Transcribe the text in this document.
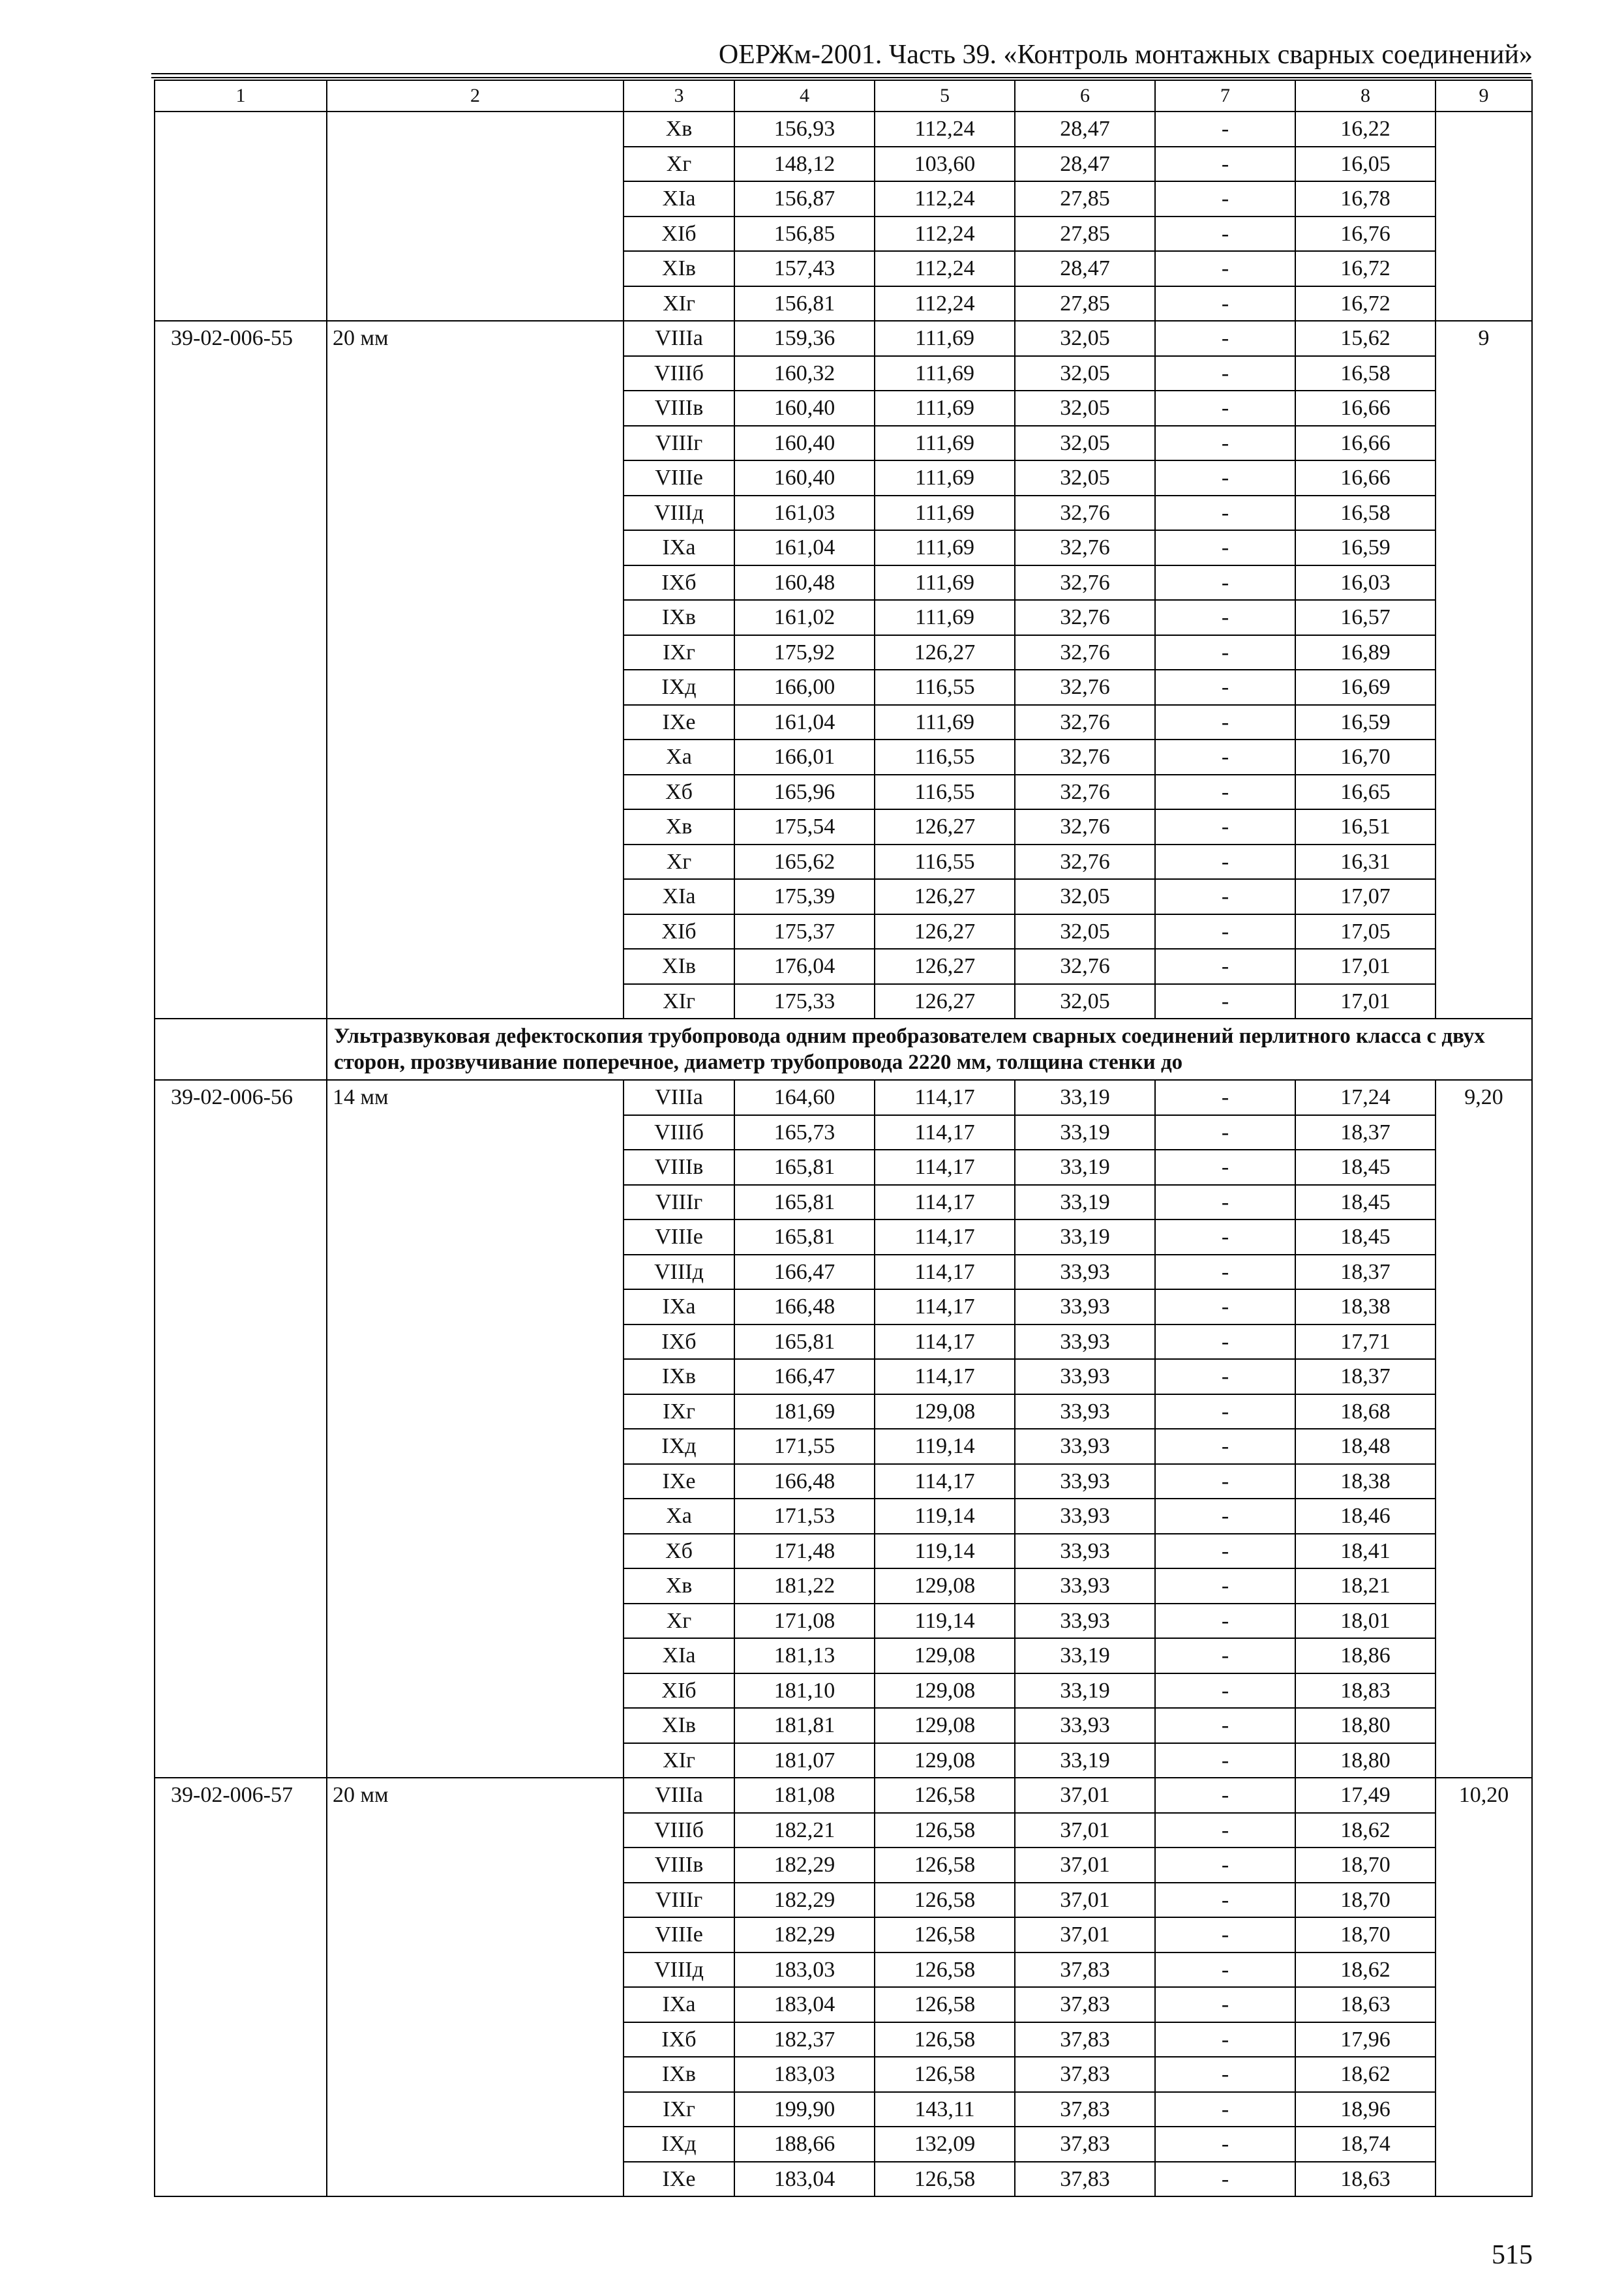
ОЕРЖм-2001. Часть 39. «Контроль монтажных сварных соединений»
1	2	3	4	5	6	7	8	9
		Хв	156,93	112,24	28,47	-	16,22	
		Хг	148,12	103,60	28,47	-	16,05	
		ХIа	156,87	112,24	27,85	-	16,78	
		ХIб	156,85	112,24	27,85	-	16,76	
		ХIв	157,43	112,24	28,47	-	16,72	
		ХIг	156,81	112,24	27,85	-	16,72	
39-02-006-55	20 мм	VIIIа	159,36	111,69	32,05	-	15,62	9
		VIIIб	160,32	111,69	32,05	-	16,58	
		VIIIв	160,40	111,69	32,05	-	16,66	
		VIIIг	160,40	111,69	32,05	-	16,66	
		VIIIе	160,40	111,69	32,05	-	16,66	
		VIIIд	161,03	111,69	32,76	-	16,58	
		IХа	161,04	111,69	32,76	-	16,59	
		IХб	160,48	111,69	32,76	-	16,03	
		IХв	161,02	111,69	32,76	-	16,57	
		IХг	175,92	126,27	32,76	-	16,89	
		IХд	166,00	116,55	32,76	-	16,69	
		IХе	161,04	111,69	32,76	-	16,59	
		Ха	166,01	116,55	32,76	-	16,70	
		Хб	165,96	116,55	32,76	-	16,65	
		Хв	175,54	126,27	32,76	-	16,51	
		Хг	165,62	116,55	32,76	-	16,31	
		ХIа	175,39	126,27	32,05	-	17,07	
		ХIб	175,37	126,27	32,05	-	17,05	
		ХIв	176,04	126,27	32,76	-	17,01	
		ХIг	175,33	126,27	32,05	-	17,01	
	Ультразвуковая дефектоскопия трубопровода одним преобразователем сварных соединений перлитного класса с двух сторон, прозвучивание поперечное, диаметр трубопровода 2220 мм, толщина стенки до							
39-02-006-56	14 мм	VIIIа	164,60	114,17	33,19	-	17,24	9,20
		VIIIб	165,73	114,17	33,19	-	18,37	
		VIIIв	165,81	114,17	33,19	-	18,45	
		VIIIг	165,81	114,17	33,19	-	18,45	
		VIIIе	165,81	114,17	33,19	-	18,45	
		VIIIд	166,47	114,17	33,93	-	18,37	
		IХа	166,48	114,17	33,93	-	18,38	
		IХб	165,81	114,17	33,93	-	17,71	
		IХв	166,47	114,17	33,93	-	18,37	
		IХг	181,69	129,08	33,93	-	18,68	
		IХд	171,55	119,14	33,93	-	18,48	
		IХе	166,48	114,17	33,93	-	18,38	
		Ха	171,53	119,14	33,93	-	18,46	
		Хб	171,48	119,14	33,93	-	18,41	
		Хв	181,22	129,08	33,93	-	18,21	
		Хг	171,08	119,14	33,93	-	18,01	
		ХIа	181,13	129,08	33,19	-	18,86	
		ХIб	181,10	129,08	33,19	-	18,83	
		ХIв	181,81	129,08	33,93	-	18,80	
		ХIг	181,07	129,08	33,19	-	18,80	
39-02-006-57	20 мм	VIIIа	181,08	126,58	37,01	-	17,49	10,20
		VIIIб	182,21	126,58	37,01	-	18,62	
		VIIIв	182,29	126,58	37,01	-	18,70	
		VIIIг	182,29	126,58	37,01	-	18,70	
		VIIIе	182,29	126,58	37,01	-	18,70	
		VIIIд	183,03	126,58	37,83	-	18,62	
		IХа	183,04	126,58	37,83	-	18,63	
		IХб	182,37	126,58	37,83	-	17,96	
		IХв	183,03	126,58	37,83	-	18,62	
		IХг	199,90	143,11	37,83	-	18,96	
		IХд	188,66	132,09	37,83	-	18,74	
		IХе	183,04	126,58	37,83	-	18,63	
515
